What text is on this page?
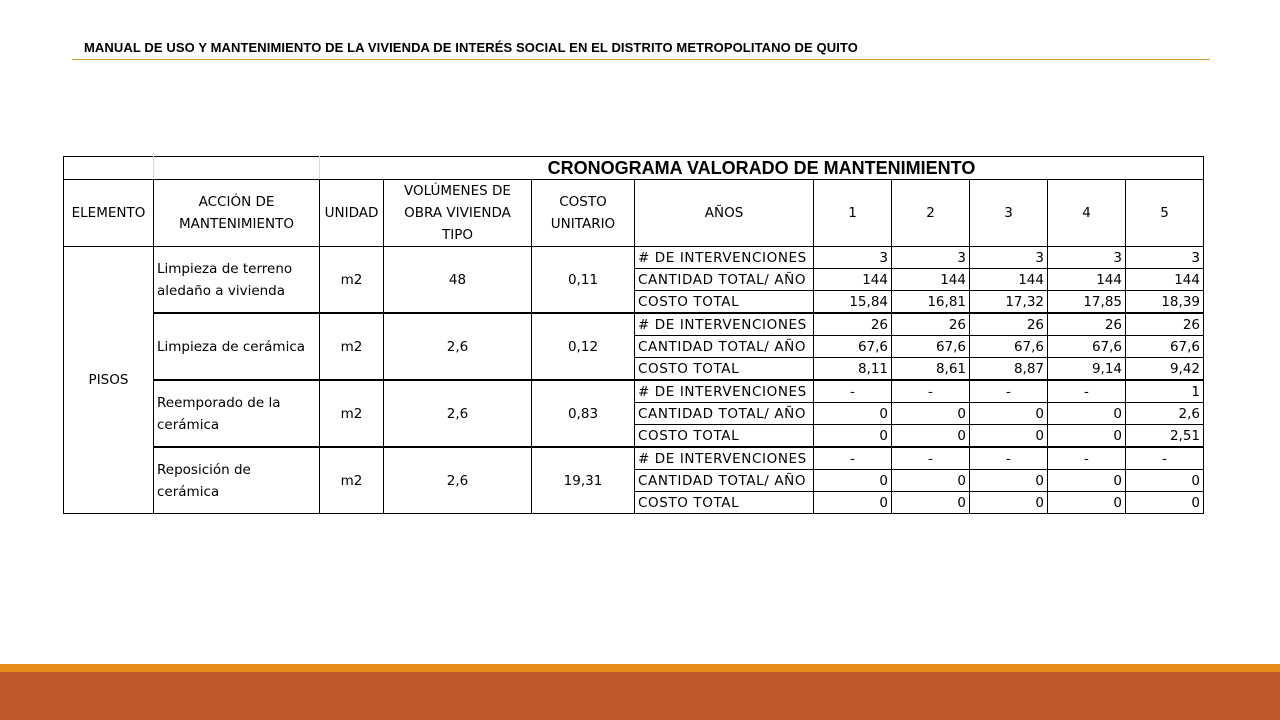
MANUAL DE USO Y MANTENIMIENTO DE LA VIVIENDA DE INTERÉS SOCIAL EN EL DISTRITO METROPOLITANO DE QUITO
		CRONOGRAMA VALORADO DE MANTENIMIENTO								
ELEMENTO	ACCIÓN DE MANTENIMIENTO	UNIDAD	VOLÚMENES DE OBRA VIVIENDA TIPO	COSTO UNITARIO	AÑOS	1	2	3	4	5
PISOS	Limpieza de terreno aledaño a vivienda	m2	48	0,11	# DE INTERVENCIONES	3	3	3	3	3
					CANTIDAD TOTAL/ AÑO	144	144	144	144	144
					COSTO TOTAL	15,84	16,81	17,32	17,85	18,39
	Limpieza de cerámica	m2	2,6	0,12	# DE INTERVENCIONES	26	26	26	26	26
					CANTIDAD TOTAL/ AÑO	67,6	67,6	67,6	67,6	67,6
					COSTO TOTAL	8,11	8,61	8,87	9,14	9,42
	Reemporado de la cerámica	m2	2,6	0,83	# DE INTERVENCIONES	-	-	-	-	1
					CANTIDAD TOTAL/ AÑO	0	0	0	0	2,6
					COSTO TOTAL	0	0	0	0	2,51
	Reposición de cerámica	m2	2,6	19,31	# DE INTERVENCIONES	-	-	-	-	-
					CANTIDAD TOTAL/ AÑO	0	0	0	0	0
					COSTO TOTAL	0	0	0	0	0
